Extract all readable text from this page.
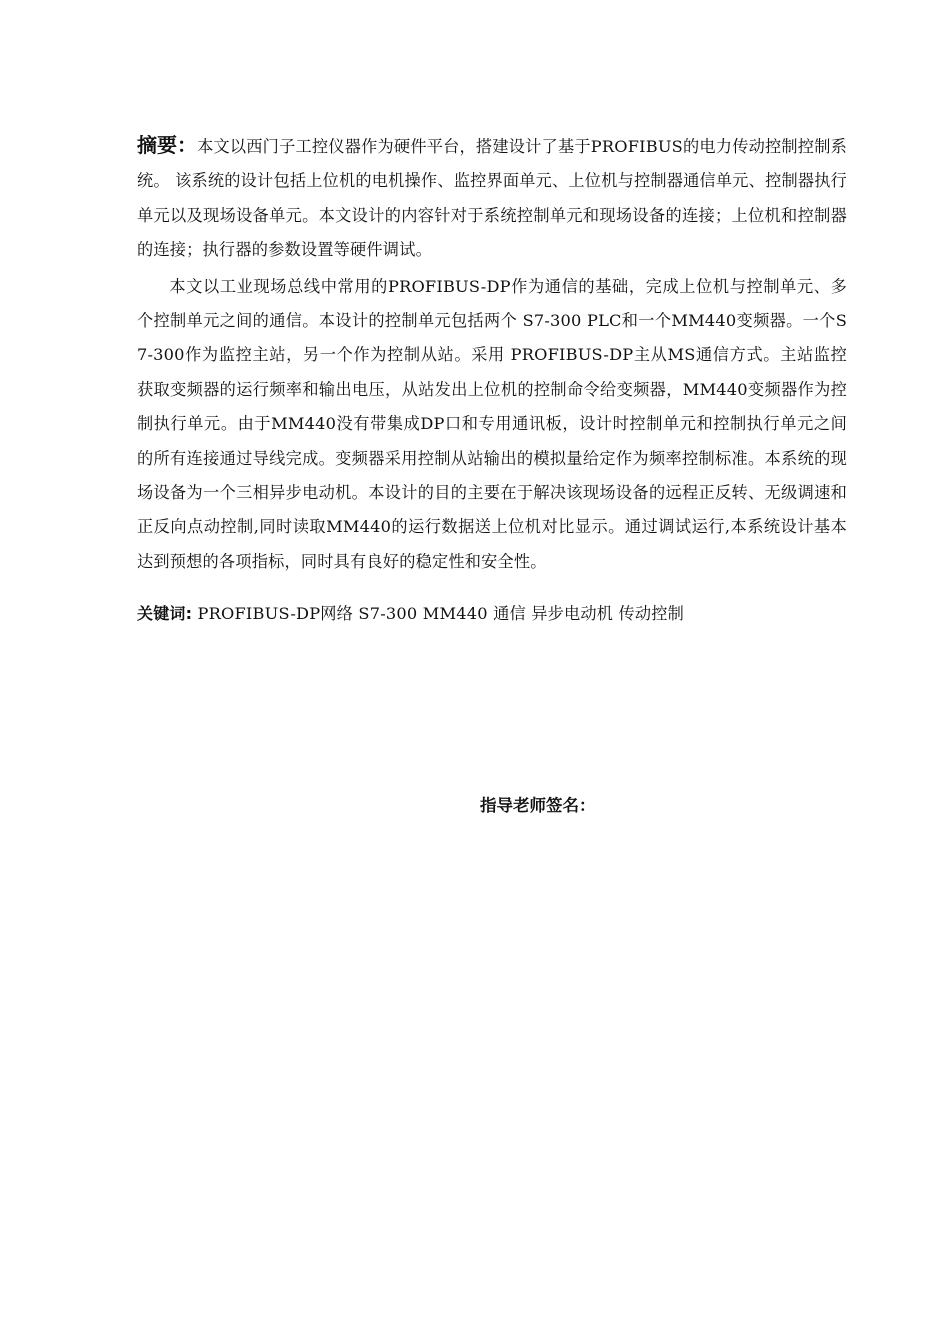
摘要：本文以西门子工控仪器作为硬件平台，搭建设计了基于PROFIBUS的电力传动控制控制系统。 该系统的设计包括上位机的电机操作、监控界面单元、上位机与控制器通信单元、控制器执行单元以及现场设备单元。本文设计的内容针对于系统控制单元和现场设备的连接；上位机和控制器的连接；执行器的参数设置等硬件调试。

本文以工业现场总线中常用的PROFIBUS-DP作为通信的基础，完成上位机与控制单元、多个控制单元之间的通信。本设计的控制单元包括两个 S7-300 PLC和一个MM440变频器。一个S7-300作为监控主站，另一个作为控制从站。采用 PROFIBUS-DP主从MS通信方式。主站监控获取变频器的运行频率和输出电压，从站发出上位机的控制命令给变频器，MM440变频器作为控制执行单元。由于MM440没有带集成DP口和专用通讯板，设计时控制单元和控制执行单元之间的所有连接通过导线完成。变频器采用控制从站输出的模拟量给定作为频率控制标准。本系统的现场设备为一个三相异步电动机。本设计的目的主要在于解决该现场设备的远程正反转、无级调速和正反向点动控制,同时读取MM440的运行数据送上位机对比显示。通过调试运行,本系统设计基本达到预想的各项指标，同时具有良好的稳定性和安全性。

关键词: PROFIBUS-DP网络 S7-300 MM440 通信 异步电动机 传动控制

指导老师签名：
